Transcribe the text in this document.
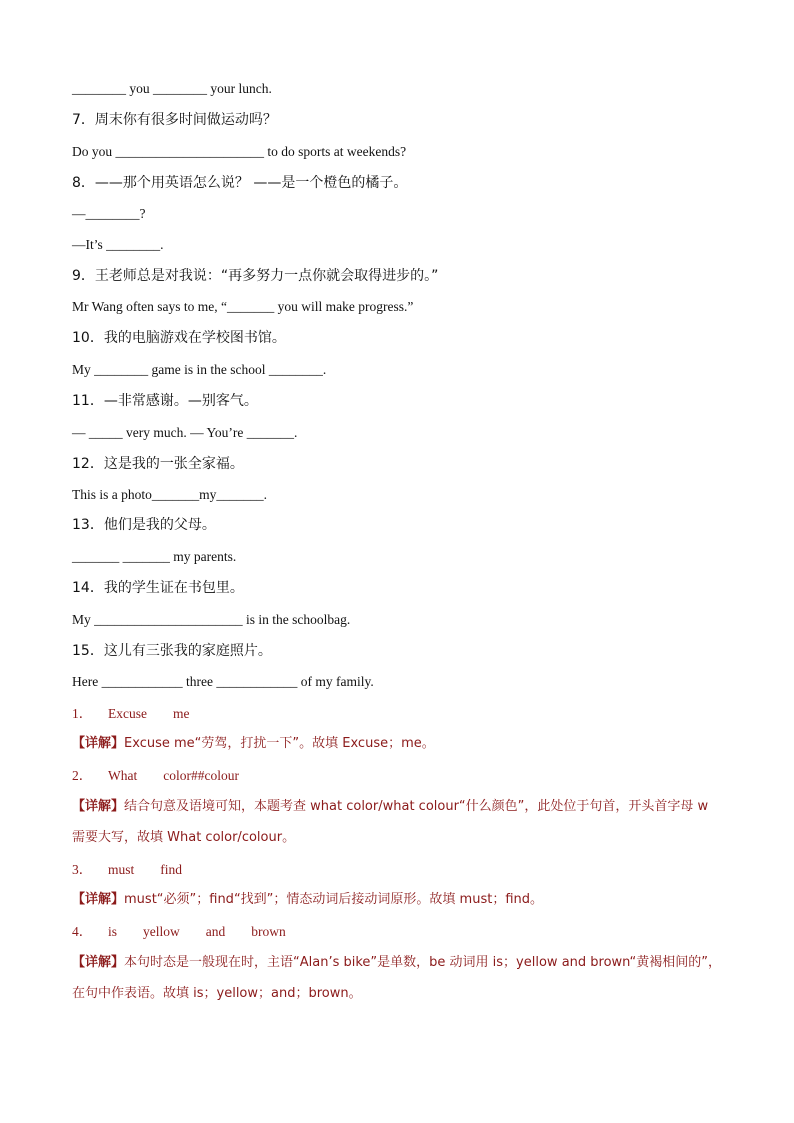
________ you ________ your lunch.
7．周末你有很多时间做运动吗？
Do you ______________________ to do sports at weekends?
8．——那个用英语怎么说？ ——是一个橙色的橘子。
—________?
—It’s ________.
9．王老师总是对我说：“再多努力一点你就会取得进步的。”
Mr Wang often says to me, “_______ you will make progress.”
10．我的电脑游戏在学校图书馆。
My ________ game is in the school ________.
11．—非常感谢。—别客气。
— _____ very much. — You’re _______.
12．这是我的一张全家福。
This is a photo_______my_______.
13．他们是我的父母。
_______ _______ my parents.
14．我的学生证在书包里。
My ______________________ is in the schoolbag.
15．这儿有三张我的家庭照片。
Here ____________ three ____________ of my family.
1． Excuse me
【详解】Excuse me“劳驾，打扰一下”。故填 Excuse；me。
2． What color##colour
【详解】结合句意及语境可知，本题考查 what color/what colour“什么颜色”，此处位于句首，开头首字母 w 需要大写，故填 What color/colour。
3． must find
【详解】must“必须”；find“找到”；情态动词后接动词原形。故填 must；find。
4． is yellow and brown
【详解】本句时态是一般现在时，主语“Alan’s bike”是单数，be 动词用 is；yellow and brown“黄褐相间的”，在句中作表语。故填 is；yellow；and；brown。
